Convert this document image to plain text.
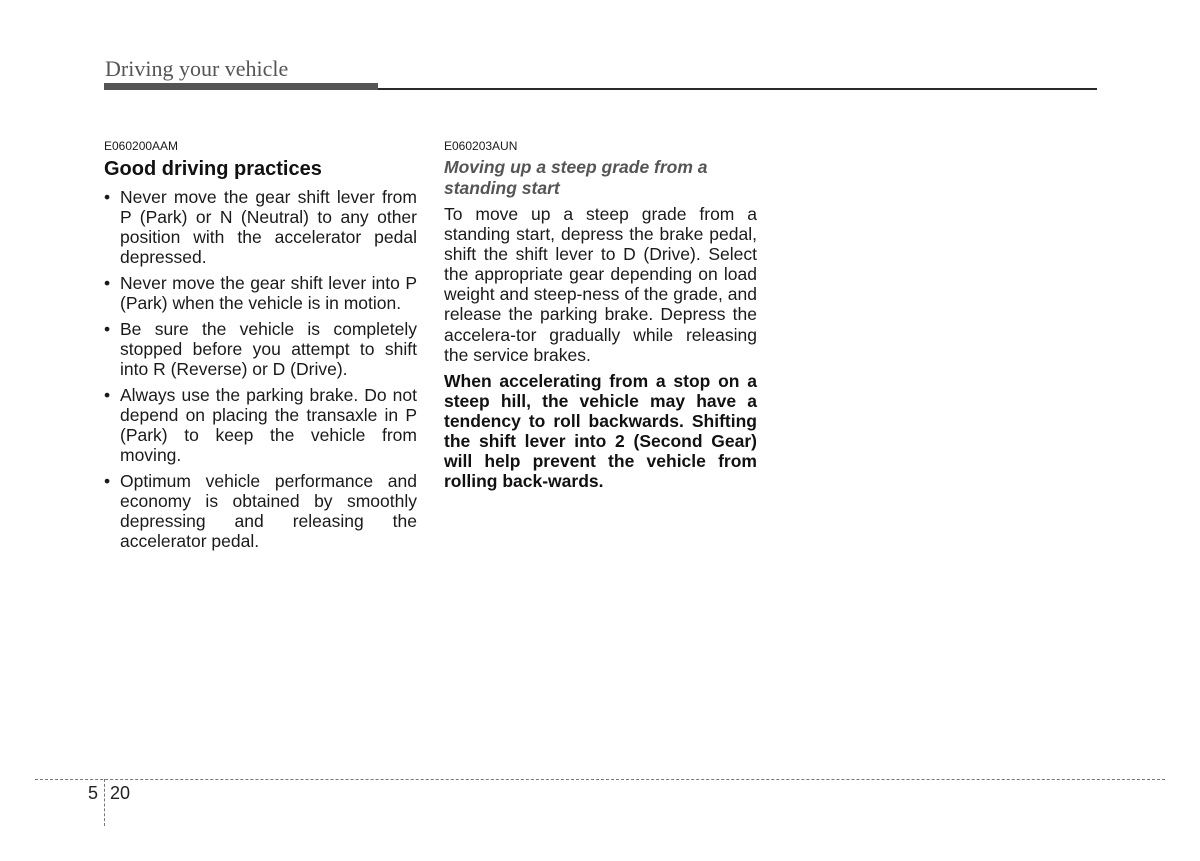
Driving your vehicle
E060200AAM
Good driving practices
• Never move the gear shift lever from P (Park) or N (Neutral) to any other position with the accelerator pedal depressed.
• Never move the gear shift lever into P (Park) when the vehicle is in motion.
• Be sure the vehicle is completely stopped before you attempt to shift into R (Reverse) or D (Drive).
• Always use the parking brake. Do not depend on placing the transaxle in P (Park) to keep the vehicle from moving.
• Optimum vehicle performance and economy is obtained by smoothly depressing and releasing the accelerator pedal.
E060203AUN
Moving up a steep grade from a standing start
To move up a steep grade from a standing start, depress the brake pedal, shift the shift lever to D (Drive). Select the appropriate gear depending on load weight and steep-ness of the grade, and release the parking brake. Depress the accelera-tor gradually while releasing the service brakes.
When accelerating from a stop on a steep hill, the vehicle may have a tendency to roll backwards. Shifting the shift lever into 2 (Second Gear) will help prevent the vehicle from rolling back-wards.
5 20
